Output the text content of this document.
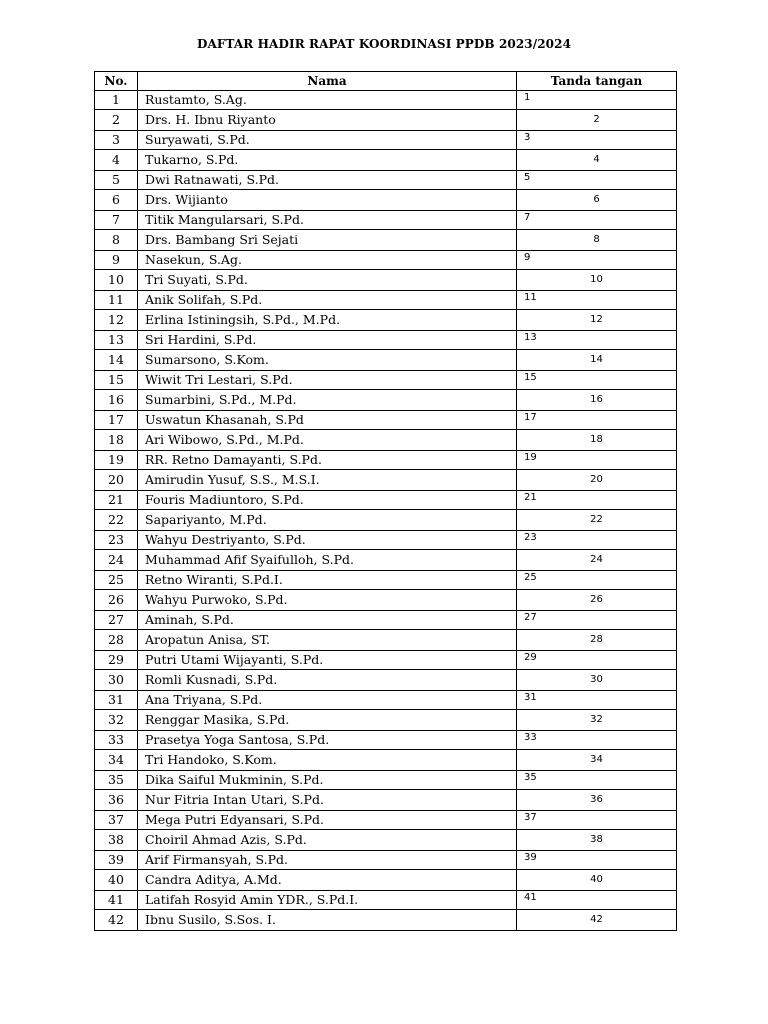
DAFTAR HADIR RAPAT KOORDINASI PPDB 2023/2024
No.	Nama	Tanda tangan
1	Rustamto, S.Ag.	1
2	Drs. H. Ibnu Riyanto	2
3	Suryawati, S.Pd.	3
4	Tukarno, S.Pd.	4
5	Dwi Ratnawati, S.Pd.	5
6	Drs. Wijianto	6
7	Titik Mangularsari, S.Pd.	7
8	Drs. Bambang Sri Sejati	8
9	Nasekun, S.Ag.	9
10	Tri Suyati, S.Pd.	10
11	Anik Solifah, S.Pd.	11
12	Erlina Istiningsih, S.Pd., M.Pd.	12
13	Sri Hardini, S.Pd.	13
14	Sumarsono, S.Kom.	14
15	Wiwit Tri Lestari, S.Pd.	15
16	Sumarbini, S.Pd., M.Pd.	16
17	Uswatun Khasanah, S.Pd	17
18	Ari Wibowo, S.Pd., M.Pd.	18
19	RR. Retno Damayanti, S.Pd.	19
20	Amirudin Yusuf, S.S., M.S.I.	20
21	Fouris Madiuntoro, S.Pd.	21
22	Sapariyanto, M.Pd.	22
23	Wahyu Destriyanto, S.Pd.	23
24	Muhammad Afif Syaifulloh, S.Pd.	24
25	Retno Wiranti, S.Pd.I.	25
26	Wahyu Purwoko, S.Pd.	26
27	Aminah, S.Pd.	27
28	Aropatun Anisa, ST.	28
29	Putri Utami Wijayanti, S.Pd.	29
30	Romli Kusnadi, S.Pd.	30
31	Ana Triyana, S.Pd.	31
32	Renggar Masika, S.Pd.	32
33	Prasetya Yoga Santosa, S.Pd.	33
34	Tri Handoko, S.Kom.	34
35	Dika Saiful Mukminin, S.Pd.	35
36	Nur Fitria Intan Utari, S.Pd.	36
37	Mega Putri Edyansari, S.Pd.	37
38	Choiril Ahmad Azis, S.Pd.	38
39	Arif Firmansyah, S.Pd.	39
40	Candra Aditya, A.Md.	40
41	Latifah Rosyid Amin YDR., S.Pd.I.	41
42	Ibnu Susilo, S.Sos. I.	42
